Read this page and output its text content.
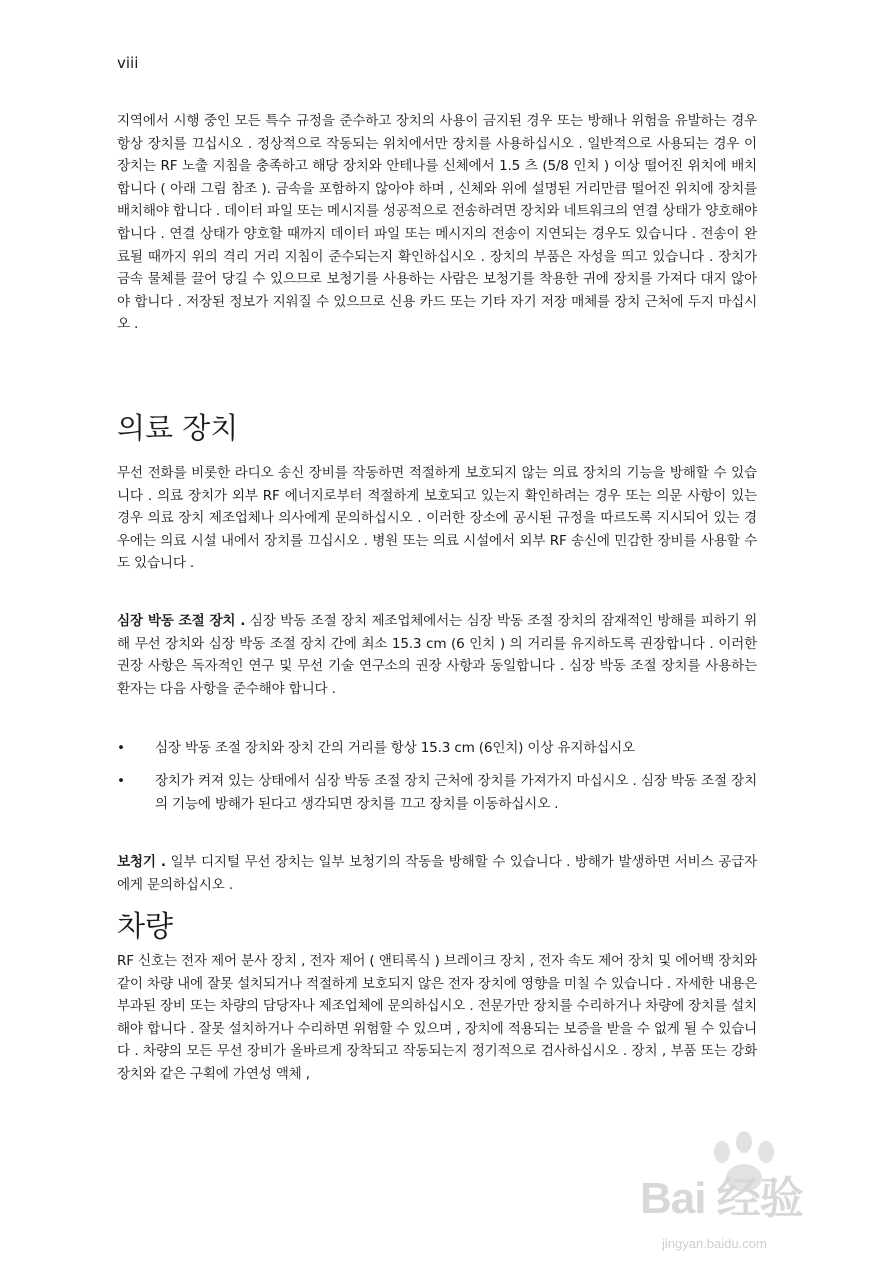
viii
지역에서 시행 중인 모든 특수 규정을 준수하고 장치의 사용이 금지된 경우 또는 방해나 위험을 유발하는 경우 항상 장치를 끄십시오 . 정상적으로 작동되는 위치에서만 장치를 사용하십시오 . 일반적으로 사용되는 경우 이 장치는 RF 노출 지침을 충족하고 해당 장치와 안테나를 신체에서 1.5 츠 (5/8 인치 ) 이상 떨어진 위치에 배치합니다 ( 아래 그림 참조 ). 금속을 포함하지 않아야 하며 , 신체와 위에 설명된 거리만큼 떨어진 위치에 장치를 배치해야 합니다 . 데이터 파일 또는 메시지를 성공적으로 전송하려면 장치와 네트워크의 연결 상태가 양호해야 합니다 . 연결 상태가 양호할 때까지 데이터 파일 또는 메시지의 전송이 지연되는 경우도 있습니다 . 전송이 완료될 때까지 위의 격리 거리 지침이 준수되는지 확인하십시오 . 장치의 부품은 자성을 띄고 있습니다 . 장치가 금속 물체를 끌어 당길 수 있으므로 보청기를 사용하는 사람은 보청기를 착용한 귀에 장치를 가져다 대지 않아야 합니다 . 저장된 정보가 지워질 수 있으므로 신용 카드 또는 기타 자기 저장 매체를 장치 근처에 두지 마십시오 .
의료 장치
무선 전화를 비롯한 라디오 송신 장비를 작동하면 적절하게 보호되지 않는 의료 장치의 기능을 방해할 수 있습니다 . 의료 장치가 외부 RF 에너지로부터 적절하게 보호되고 있는지 확인하려는 경우 또는 의문 사항이 있는 경우 의료 장치 제조업체나 의사에게 문의하십시오 . 이러한 장소에 공시된 규정을 따르도록 지시되어 있는 경우에는 의료 시설 내에서 장치를 끄십시오 . 병원 또는 의료 시설에서 외부 RF 송신에 민감한 장비를 사용할 수도 있습니다 .
심장 박동 조절 장치 . 심장 박동 조절 장치 제조업체에서는 심장 박동 조절 장치의 잠재적인 방해를 피하기 위해 무선 장치와 심장 박동 조절 장치 간에 최소 15.3 cm (6 인치 ) 의 거리를 유지하도록 권장합니다 . 이러한 권장 사항은 독자적인 연구 및 무선 기술 연구소의 권장 사항과 동일합니다 . 심장 박동 조절 장치를 사용하는 환자는 다음 사항을 준수해야 합니다 .
• 심장 박동 조절 장치와 장치 간의 거리를 항상 15.3 cm (6인치) 이상 유지하십시오
• 장치가 켜져 있는 상태에서 심장 박동 조절 장치 근처에 장치를 가져가지 마십시오 . 심장 박동 조절 장치의 기능에 방해가 된다고 생각되면 장치를 끄고 장치를 이동하십시오 .
보청기 . 일부 디지털 무선 장치는 일부 보청기의 작동을 방해할 수 있습니다 . 방해가 발생하면 서비스 공급자에게 문의하십시오 .
차량
RF 신호는 전자 제어 분사 장치 , 전자 제어 ( 앤티록식 ) 브레이크 장치 , 전자 속도 제어 장치 및 에어백 장치와 같이 차량 내에 잘못 설치되거나 적절하게 보호되지 않은 전자 장치에 영향을 미칠 수 있습니다 . 자세한 내용은 부과된 장비 또는 차량의 담당자나 제조업체에 문의하십시오 . 전문가만 장치를 수리하거나 차량에 장치를 설치해야 합니다 . 잘못 설치하거나 수리하면 위험할 수 있으며 , 장치에 적용되는 보증을 받을 수 없게 될 수 있습니다 . 차량의 모든 무선 장비가 올바르게 장착되고 작동되는지 정기적으로 검사하십시오 . 장치 , 부품 또는 강화 장치와 같은 구획에 가연성 액체 ,
Bai 经验
jingyan.baidu.com
